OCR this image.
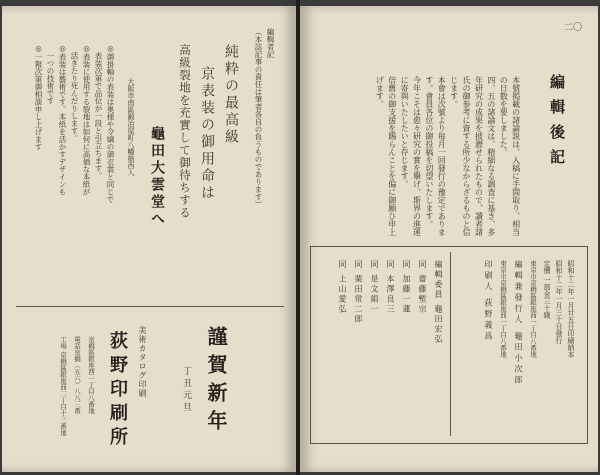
（本誌記事の責任は筆者各自の負うものであります） 編輯者記
純粋の最高級
京表装の御用命は
高級裂地を充實して御待ちする
龜田大雲堂へ
大阪市南區鍛冶屋町八幡筋西入
◎御掛軸の表装は奥様や令嬢の御衣裳と同じで
表装次第で品位が一段と引立ちます。
◎表装に使用する裂地は如何に高価な本紙が
活きたり死んだりします。
◎表装は藝術です。本紙を活かすデザインも
一つの技術です
◎一報次第御相談申し上げます
謹賀新年
丁丑元旦
荻野印刷所 美術カタログ印刷
京橋區銀座西一丁目八番地
電話京橋（五六）八八三番
工場 京橋區銀座西二丁目十三番地
二〇
編輯後記

本號掲載の諸論説は、入稿に手間取り、相当の日数を要しました。
四、五の諸論文は、精細なる調査に基き、多年研究の成果を披瀝せられたもので、讀者諸氏の御参考に資する所少なからざるものと信じます。
本會は次號より毎月一回發行の豫定であります。會員各位の御投稿を切望いたします。
今年こそは愈々研究の實を擧げ、斯界の進運に寄與いたしたいと存じます。
倍舊の御支援を賜らんことを偏に御願ひ申上げます。

昭和十二年一月廿五日印刷納本
昭和十二年一月三十日發行
定價 一部金三十錢
東京市京橋區銀座西一丁目八番地
編輯兼發行人 龜田小次郎
東京市京橋區銀座西一丁目八番地
印刷人 荻野義爲
編輯委員 龜田宏弘
同 齋藤塹宗
同 加藤一蓮
同 本澤良三
同 是文絹一
同 栗田常二郎
同 上山愛弘
